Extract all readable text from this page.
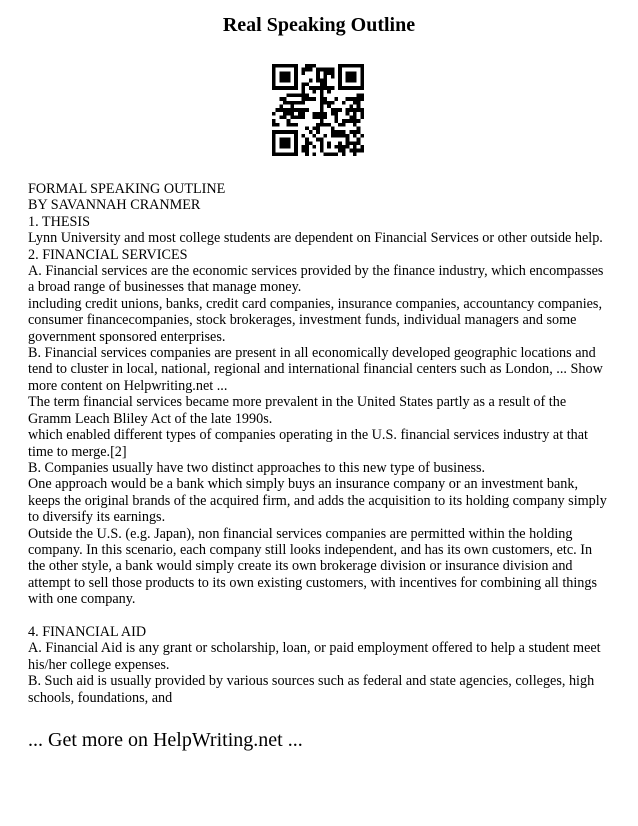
Real Speaking Outline
FORMAL SPEAKING OUTLINE
BY SAVANNAH CRANMER
1. THESIS
Lynn University and most college students are dependent on Financial Services or other outside help.
2. FINANCIAL SERVICES
A. Financial services are the economic services provided by the finance industry, which encompasses a broad range of businesses that manage money.
including credit unions, banks, credit card companies, insurance companies, accountancy companies, consumer financecompanies, stock brokerages, investment funds, individual managers and some government sponsored enterprises.
B. Financial services companies are present in all economically developed geographic locations and tend to cluster in local, national, regional and international financial centers such as London, ... Show more content on Helpwriting.net ...
The term financial services became more prevalent in the United States partly as a result of the Gramm Leach Bliley Act of the late 1990s.
which enabled different types of companies operating in the U.S. financial services industry at that time to merge.[2]
B. Companies usually have two distinct approaches to this new type of business.
One approach would be a bank which simply buys an insurance company or an investment bank, keeps the original brands of the acquired firm, and adds the acquisition to its holding company simply to diversify its earnings.
Outside the U.S. (e.g. Japan), non financial services companies are permitted within the holding company. In this scenario, each company still looks independent, and has its own customers, etc. In the other style, a bank would simply create its own brokerage division or insurance division and attempt to sell those products to its own existing customers, with incentives for combining all things with one company.
4. FINANCIAL AID
A. Financial Aid is any grant or scholarship, loan, or paid employment offered to help a student meet his/her college expenses.
B. Such aid is usually provided by various sources such as federal and state agencies, colleges, high schools, foundations, and
... Get more on HelpWriting.net ...
